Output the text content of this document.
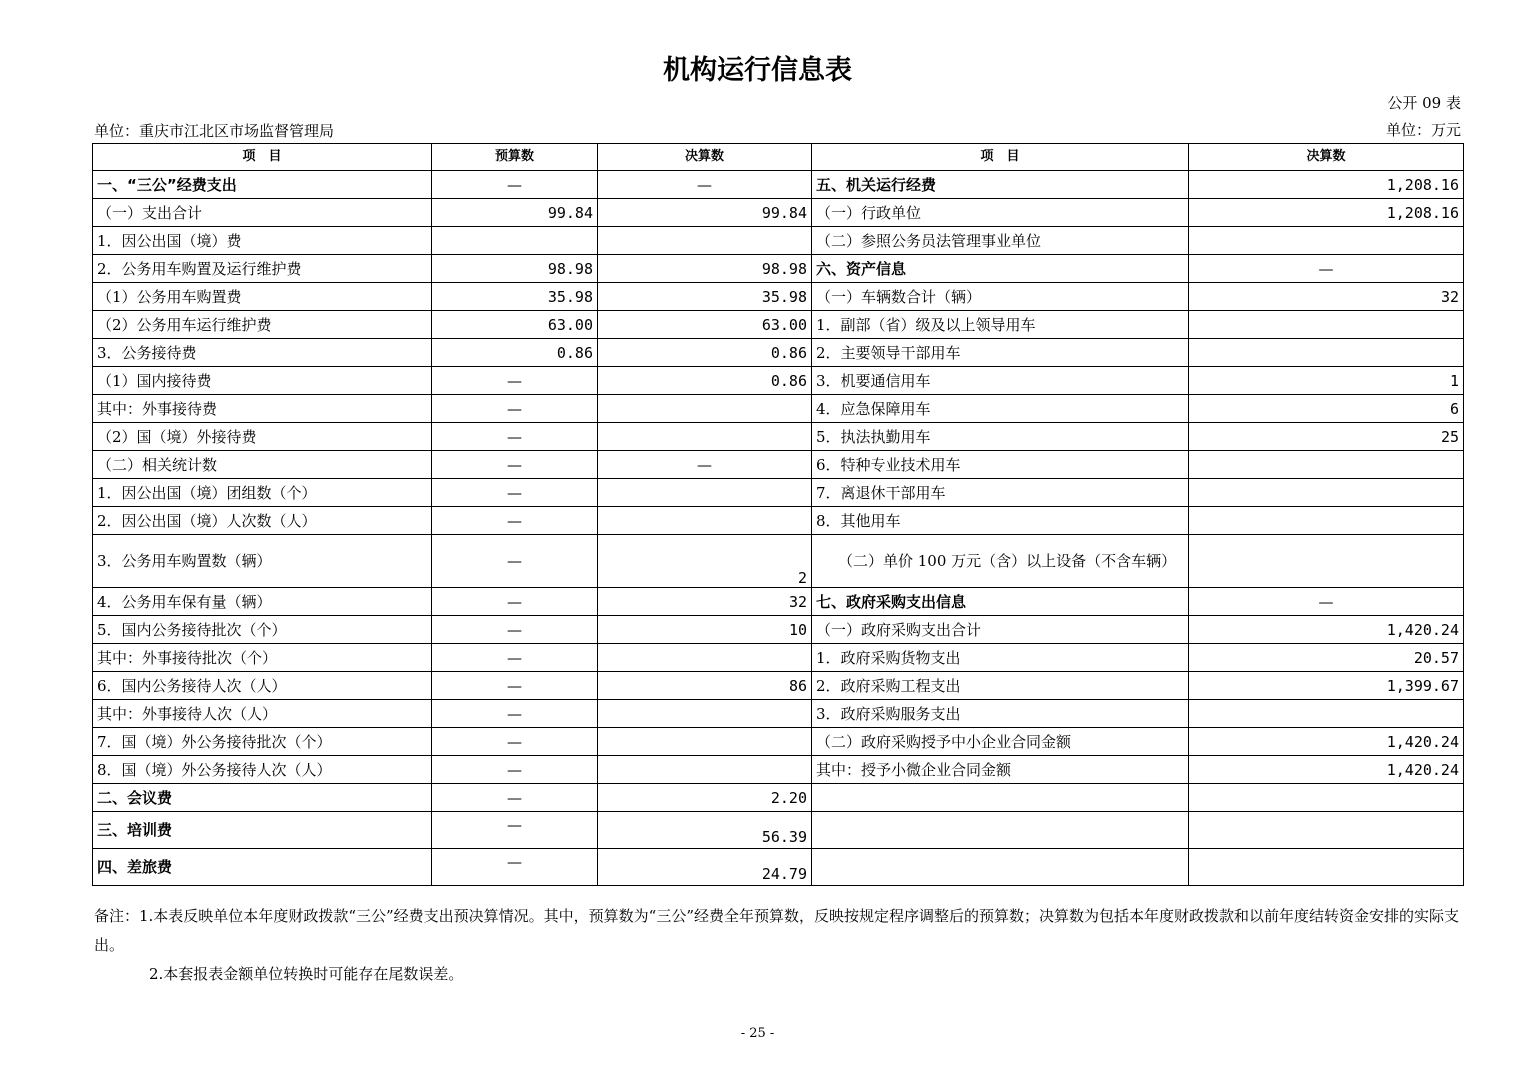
机构运行信息表
公开 09 表
单位：重庆市江北区市场监督管理局	单位：万元
项　目	预算数	决算数	项　目	决算数
一、“三公”经费支出	—	—	五、机关运行经费	1,208.16
（一）支出合计	99.84	99.84	（一）行政单位	1,208.16
1．因公出国（境）费			（二）参照公务员法管理事业单位	
2．公务用车购置及运行维护费	98.98	98.98	六、资产信息	—
（1）公务用车购置费	35.98	35.98	（一）车辆数合计（辆）	32
（2）公务用车运行维护费	63.00	63.00	1．副部（省）级及以上领导用车	
3．公务接待费	0.86	0.86	2．主要领导干部用车	
（1）国内接待费	—	0.86	3．机要通信用车	1
其中：外事接待费	—		4．应急保障用车	6
（2）国（境）外接待费	—		5．执法执勤用车	25
（二）相关统计数	—	—	6．特种专业技术用车	
1．因公出国（境）团组数（个）	—		7．离退休干部用车	
2．因公出国（境）人次数（人）	—		8．其他用车	
3．公务用车购置数（辆）	—	2	（二）单价 100 万元（含）以上设备（不含车辆）	
4．公务用车保有量（辆）	—	32	七、政府采购支出信息	—
5．国内公务接待批次（个）	—	10	（一）政府采购支出合计	1,420.24
其中：外事接待批次（个）	—		1．政府采购货物支出	20.57
6．国内公务接待人次（人）	—	86	2．政府采购工程支出	1,399.67
其中：外事接待人次（人）	—		3．政府采购服务支出	
7．国（境）外公务接待批次（个）	—		（二）政府采购授予中小企业合同金额	1,420.24
8．国（境）外公务接待人次（人）	—		其中：授予小微企业合同金额	1,420.24
二、会议费	—	2.20		
三、培训费	—	56.39		
四、差旅费	—	24.79		

备注：1.本表反映单位本年度财政拨款“三公”经费支出预决算情况。其中，预算数为“三公”经费全年预算数，反映按规定程序调整后的预算数；决算数为包括本年度财政拨款和以前年度结转资金安排的实际支出。

2.本套报表金额单位转换时可能存在尾数误差。

- 25 -
